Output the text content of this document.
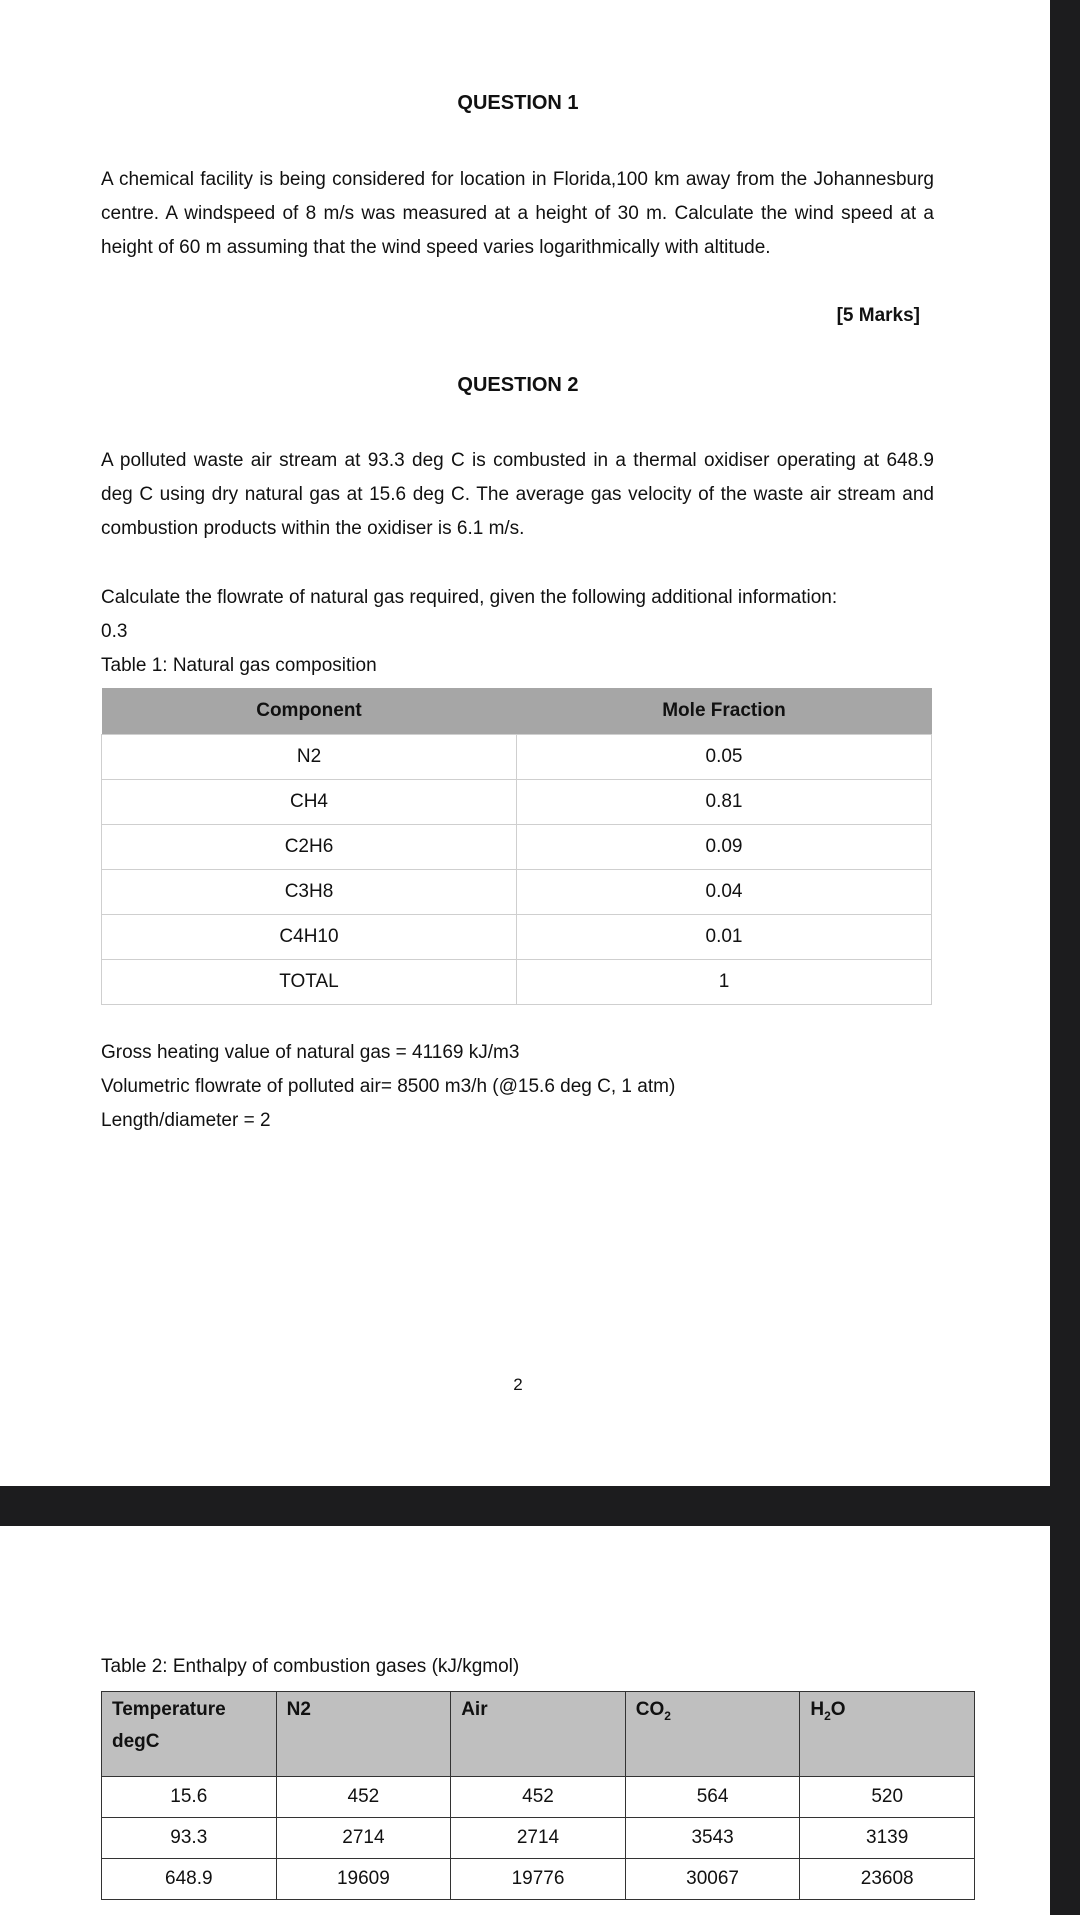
QUESTION 1
A chemical facility is being considered for location in Florida,100 km away from the Johannesburg centre. A windspeed of 8 m/s was measured at a height of 30 m. Calculate the wind speed at a height of 60 m assuming that the wind speed varies logarithmically with altitude.
[5 Marks]
QUESTION 2
A polluted waste air stream at 93.3 deg C is combusted in a thermal oxidiser operating at 648.9 deg C using dry natural gas at 15.6 deg C. The average gas velocity of the waste air stream and combustion products within the oxidiser is 6.1 m/s.
Calculate the flowrate of natural gas required, given the following additional information:
0.3
Table 1: Natural gas composition
Component	Mole Fraction
N2	0.05
CH4	0.81
C2H6	0.09
C3H8	0.04
C4H10	0.01
TOTAL	1
Gross heating value of natural gas = 41169 kJ/m3
Volumetric flowrate of polluted air= 8500 m3/h (@15.6 deg C, 1 atm)
Length/diameter = 2
2
Table 2: Enthalpy of combustion gases (kJ/kgmol)
Temperature
degC	N2	Air	$CO_2$	$H_2O$
15.6	452	452	564	520
93.3	2714	2714	3543	3139
648.9	19609	19776	30067	23608
